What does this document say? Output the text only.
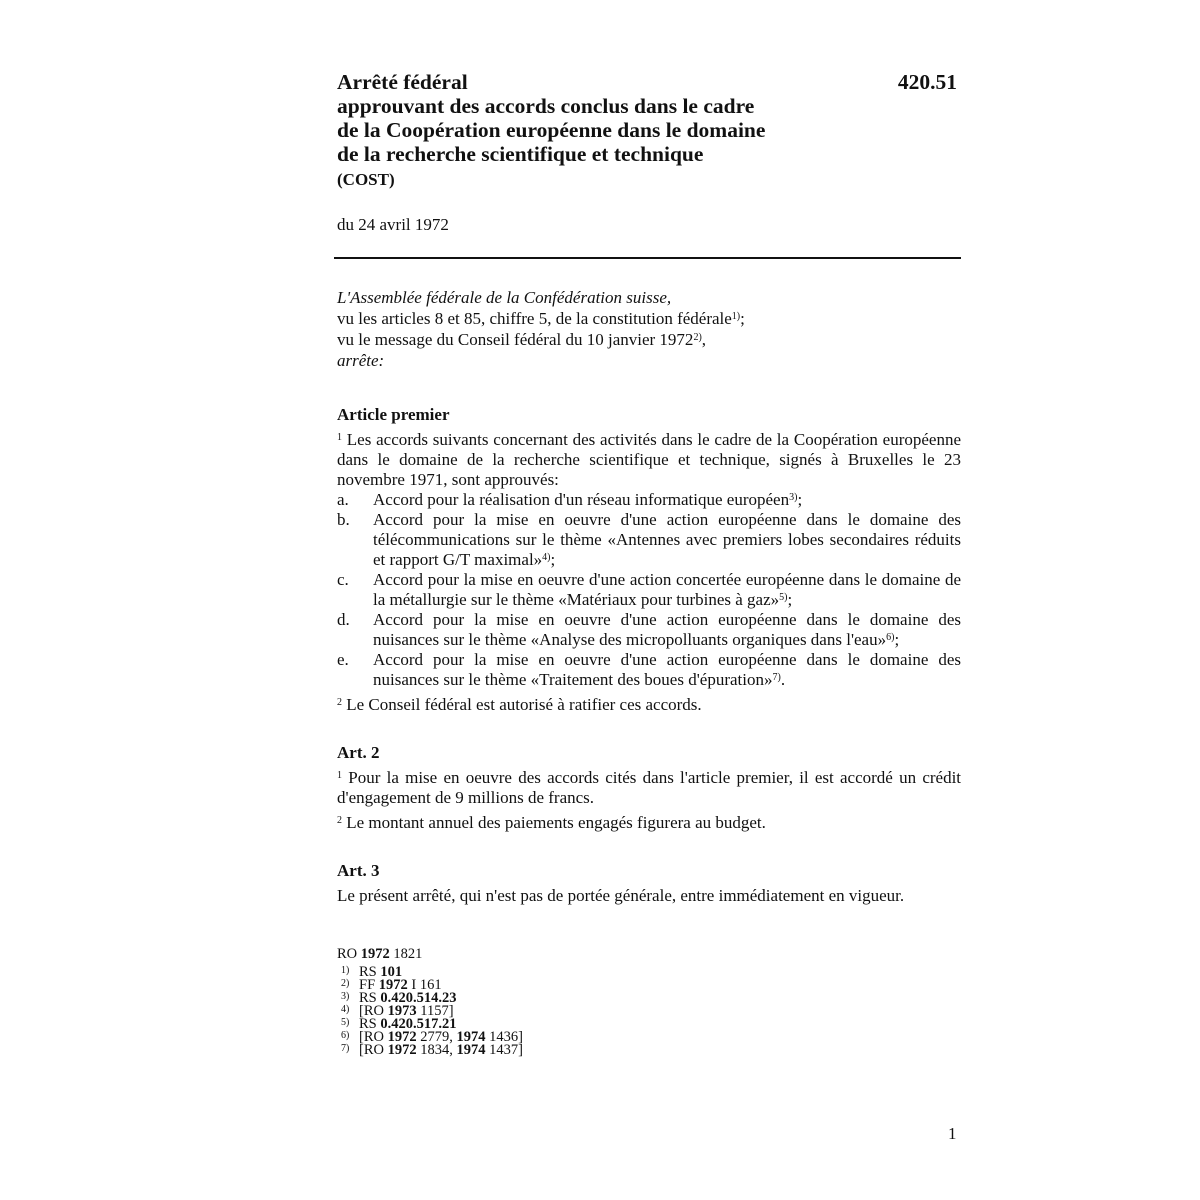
Arrêté fédéral
approuvant des accords conclus dans le cadre
de la Coopération européenne dans le domaine
de la recherche scientifique et technique
(COST)
420.51
du 24 avril 1972

L'Assemblée fédérale de la Confédération suisse,

vu les articles 8 et 85, chiffre 5, de la constitution fédérale$^{1)}$;

vu le message du Conseil fédéral du 10 janvier 1972$^{2)}$,

arrête:

Article premier

$^1$ Les accords suivants concernant des activités dans le cadre de la Coopération européenne dans le domaine de la recherche scientifique et technique, signés à Bruxelles le 23 novembre 1971, sont approuvés:

a. Accord pour la réalisation d'un réseau informatique européen$^{3)}$;
b. Accord pour la mise en oeuvre d'une action européenne dans le domaine des télécommunications sur le thème «Antennes avec premiers lobes secondaires réduits et rapport G/T maximal»$^{4)}$;
c. Accord pour la mise en oeuvre d'une action concertée européenne dans le domaine de la métallurgie sur le thème «Matériaux pour turbines à gaz»$^{5)}$;
d. Accord pour la mise en oeuvre d'une action européenne dans le domaine des nuisances sur le thème «Analyse des micropolluants organiques dans l'eau»$^{6)}$;
e. Accord pour la mise en oeuvre d'une action européenne dans le domaine des nuisances sur le thème «Traitement des boues d'épuration»$^{7)}$.

$^2$ Le Conseil fédéral est autorisé à ratifier ces accords.

Art. 2

$^1$ Pour la mise en oeuvre des accords cités dans l'article premier, il est accordé un crédit d'engagement de 9 millions de francs.

$^2$ Le montant annuel des paiements engagés figurera au budget.

Art. 3

Le présent arrêté, qui n'est pas de portée générale, entre immédiatement en vigueur.

RO 1972 1821
1) RS 101
2) FF 1972 I 161
3) RS 0.420.514.23
4) [RO 1973 1157]
5) RS 0.420.517.21
6) [RO 1972 2779, 1974 1436]
7) [RO 1972 1834, 1974 1437]
1
